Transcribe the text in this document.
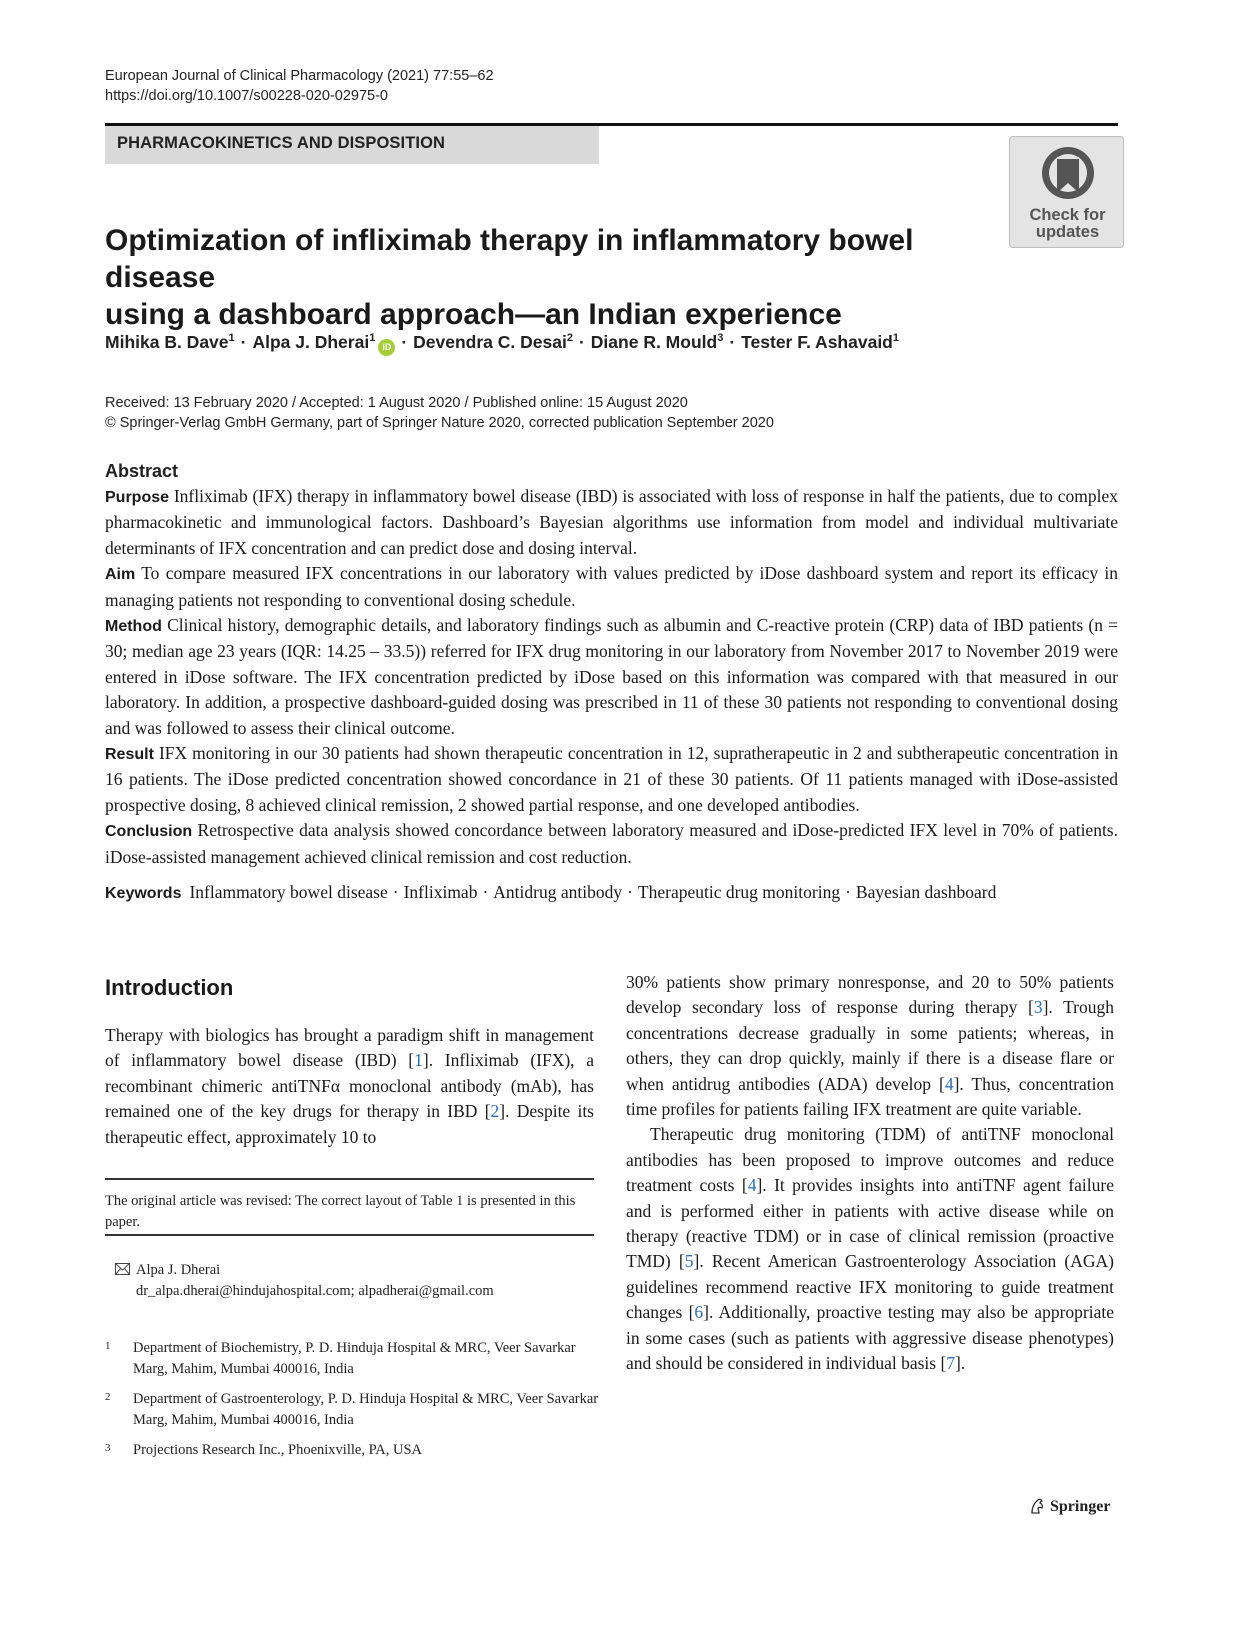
European Journal of Clinical Pharmacology (2021) 77:55–62
https://doi.org/10.1007/s00228-020-02975-0
PHARMACOKINETICS AND DISPOSITION
Check for
updates
Optimization of infliximab therapy in inflammatory bowel disease
using a dashboard approach—an Indian experience
Mihika B. Dave$^1$ · Alpa J. Dherai$^1$iD · Devendra C. Desai$^2$ · Diane R. Mould$^3$ · Tester F. Ashavaid$^1$
Received: 13 February 2020 / Accepted: 1 August 2020 / Published online: 15 August 2020
© Springer-Verlag GmbH Germany, part of Springer Nature 2020, corrected publication September 2020
Abstract

Purpose Infliximab (IFX) therapy in inflammatory bowel disease (IBD) is associated with loss of response in half the patients, due to complex pharmacokinetic and immunological factors. Dashboard’s Bayesian algorithms use information from model and individual multivariate determinants of IFX concentration and can predict dose and dosing interval.

Aim To compare measured IFX concentrations in our laboratory with values predicted by iDose dashboard system and report its efficacy in managing patients not responding to conventional dosing schedule.

Method Clinical history, demographic details, and laboratory findings such as albumin and C-reactive protein (CRP) data of IBD patients (n = 30; median age 23 years (IQR: 14.25 – 33.5)) referred for IFX drug monitoring in our laboratory from November 2017 to November 2019 were entered in iDose software. The IFX concentration predicted by iDose based on this information was compared with that measured in our laboratory. In addition, a prospective dashboard-guided dosing was prescribed in 11 of these 30 patients not responding to conventional dosing and was followed to assess their clinical outcome.

Result IFX monitoring in our 30 patients had shown therapeutic concentration in 12, supratherapeutic in 2 and subtherapeutic concentration in 16 patients. The iDose predicted concentration showed concordance in 21 of these 30 patients. Of 11 patients managed with iDose-assisted prospective dosing, 8 achieved clinical remission, 2 showed partial response, and one developed antibodies.

Conclusion Retrospective data analysis showed concordance between laboratory measured and iDose-predicted IFX level in 70% of patients. iDose-assisted management achieved clinical remission and cost reduction.

Keywords Inflammatory bowel disease · Infliximab · Antidrug antibody · Therapeutic drug monitoring · Bayesian dashboard
Introduction

Therapy with biologics has brought a paradigm shift in management of inflammatory bowel disease (IBD) [1]. Infliximab (IFX), a recombinant chimeric antiTNFα monoclonal antibody (mAb), has remained one of the key drugs for therapy in IBD [2]. Despite its therapeutic effect, approximately 10 to

30% patients show primary nonresponse, and 20 to 50% patients develop secondary loss of response during therapy [3]. Trough concentrations decrease gradually in some patients; whereas, in others, they can drop quickly, mainly if there is a disease flare or when antidrug antibodies (ADA) develop [4]. Thus, concentration time profiles for patients failing IFX treatment are quite variable.

Therapeutic drug monitoring (TDM) of antiTNF monoclonal antibodies has been proposed to improve outcomes and reduce treatment costs [4]. It provides insights into antiTNF agent failure and is performed either in patients with active disease while on therapy (reactive TDM) or in case of clinical remission (proactive TMD) [5]. Recent American Gastroenterology Association (AGA) guidelines recommend reactive IFX monitoring to guide treatment changes [6]. Additionally, proactive testing may also be appropriate in some cases (such as patients with aggressive disease phenotypes) and should be considered in individual basis [7].

The original article was revised: The correct layout of Table 1 is presented in this paper.
Alpa J. Dherai
dr_alpa.dherai@hindujahospital.com; alpadherai@gmail.com
1 Department of Biochemistry, P. D. Hinduja Hospital & MRC, Veer Savarkar Marg, Mahim, Mumbai 400016, India
2 Department of Gastroenterology, P. D. Hinduja Hospital & MRC, Veer Savarkar Marg, Mahim, Mumbai 400016, India
3 Projections Research Inc., Phoenixville, PA, USA
Springer
